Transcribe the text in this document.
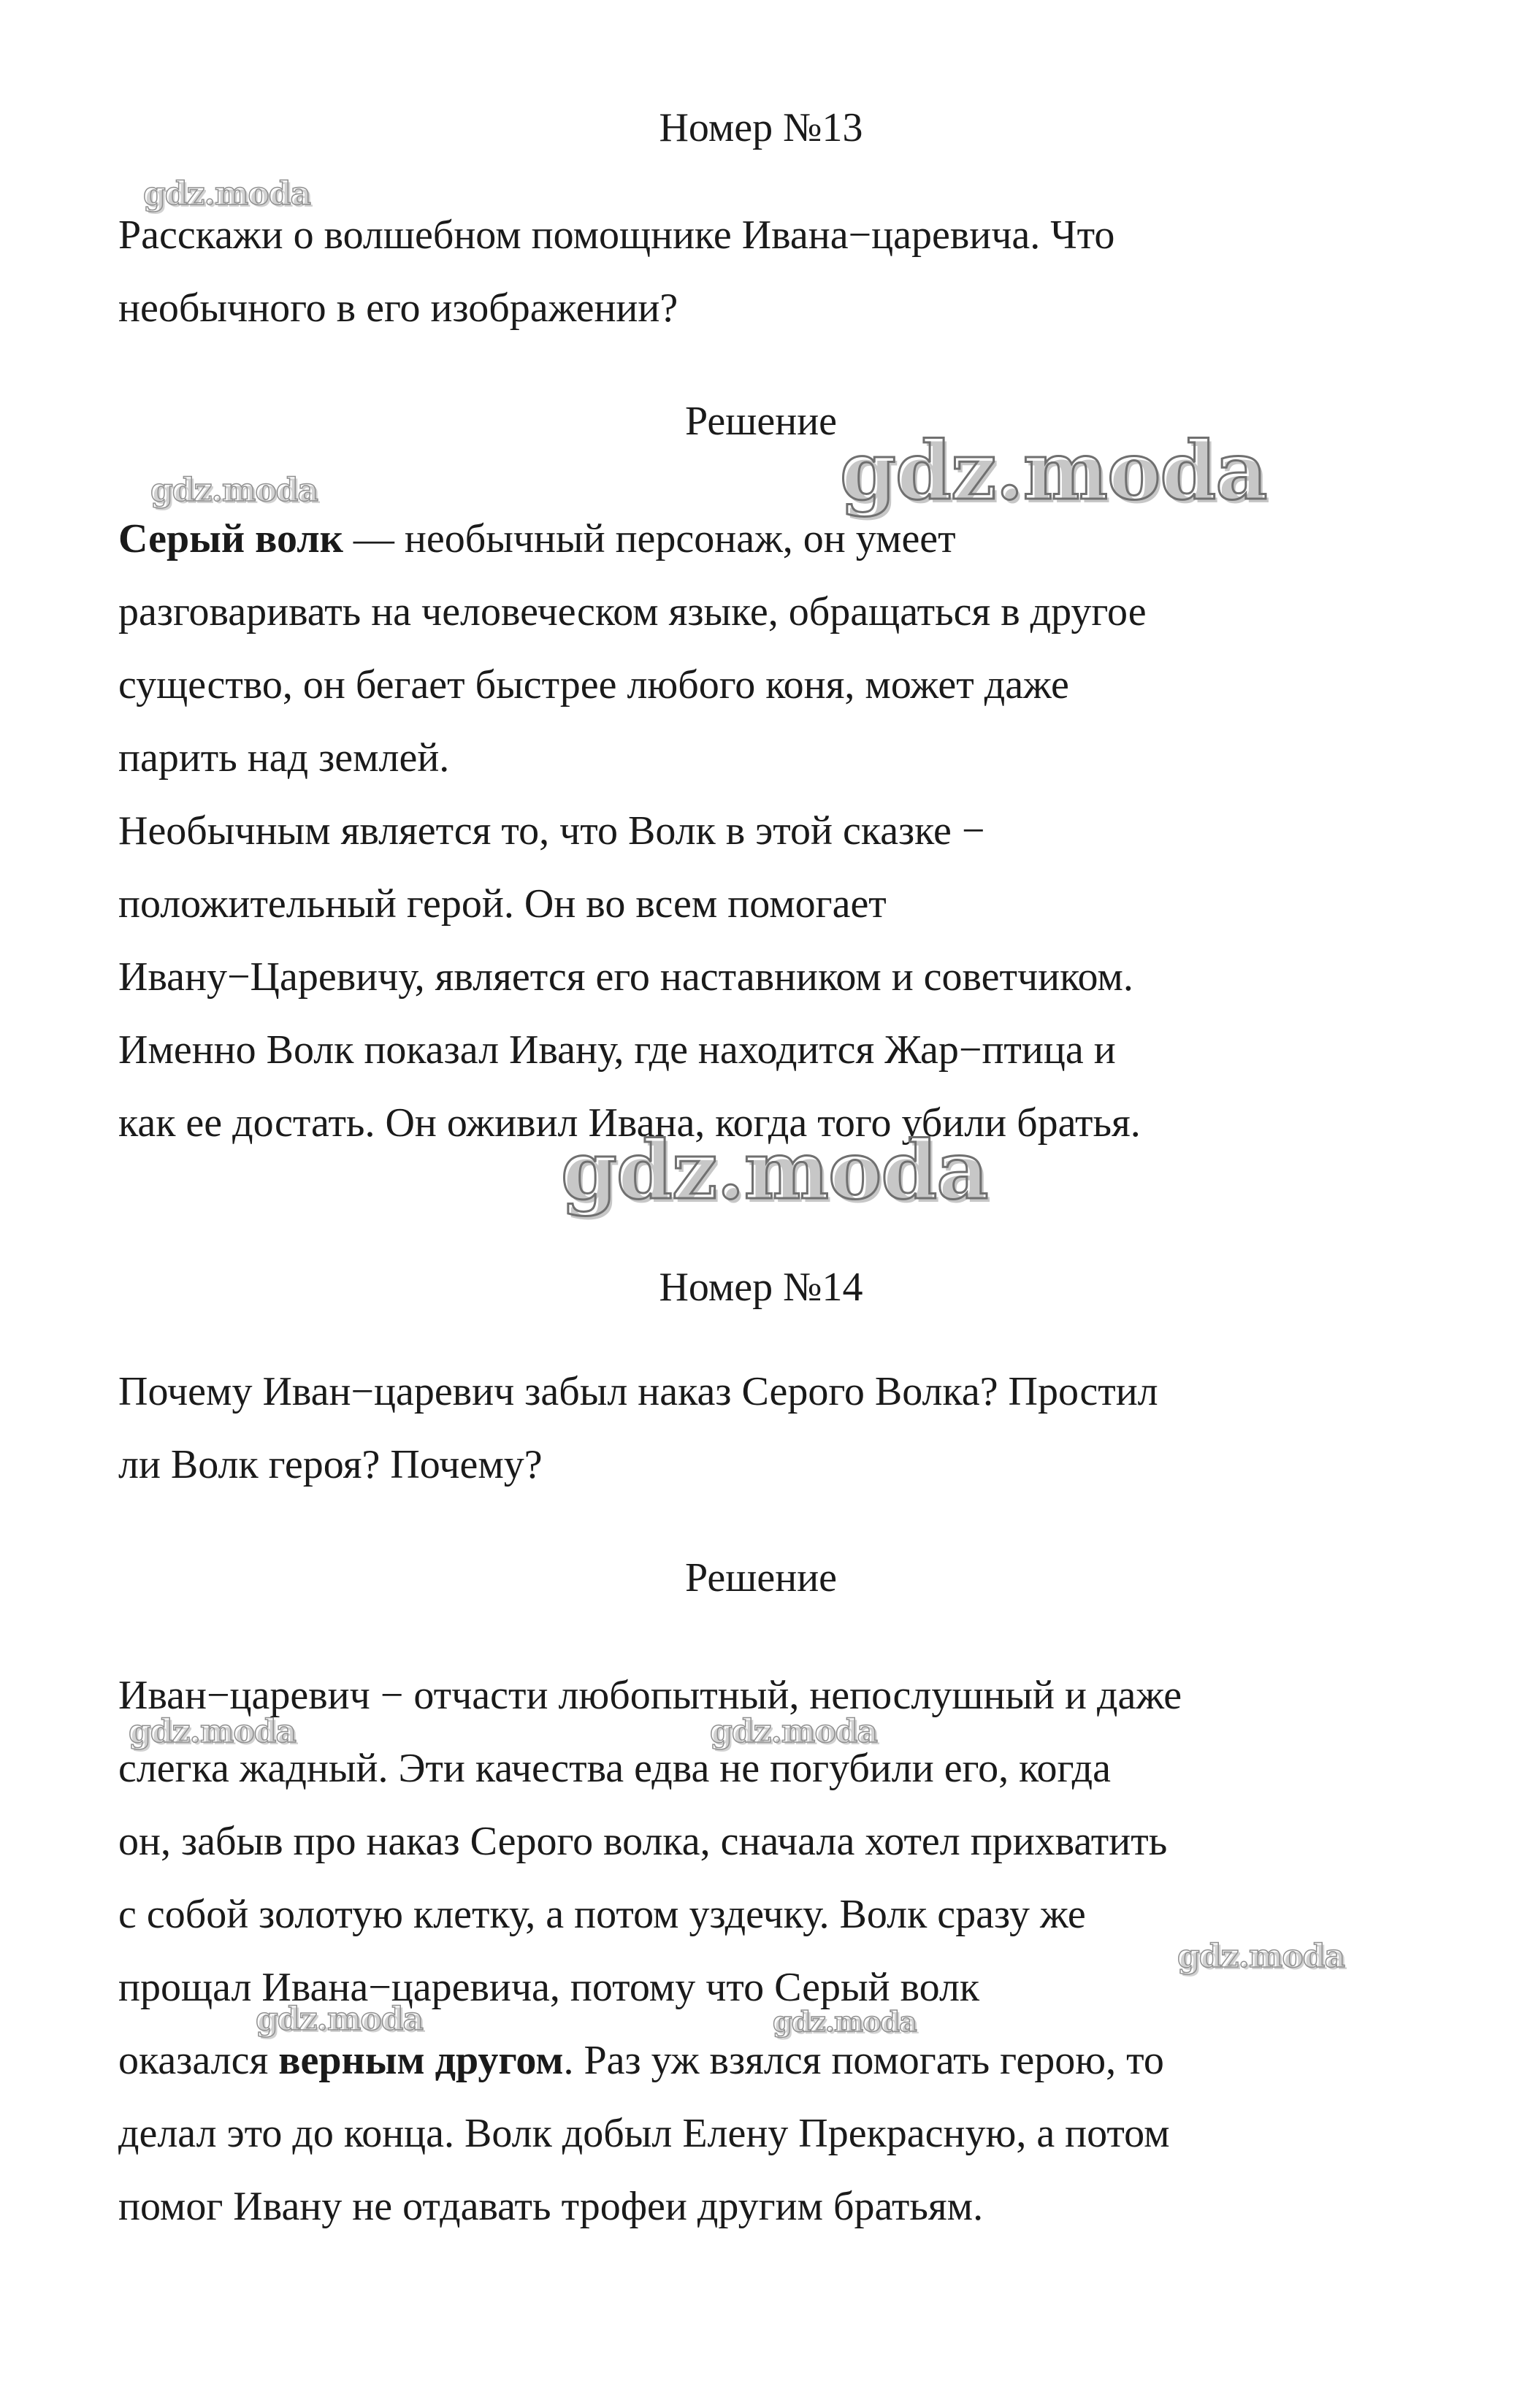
Номер №13
Расскажи о волшебном помощнике Ивана−царевича. Что
необычного в его изображении?
Решение
Серый волк — необычный персонаж, он умеет
разговаривать на человеческом языке, обращаться в другое
существо, он бегает быстрее любого коня, может даже
парить над землей.
Необычным является то, что Волк в этой сказке −
положительный герой. Он во всем помогает
Ивану−Царевичу, является его наставником и советчиком.
Именно Волк показал Ивану, где находится Жар−птица и
как ее достать. Он оживил Ивана, когда того убили братья.
Номер №14
Почему Иван−царевич забыл наказ Серого Волка? Простил
ли Волк героя? Почему?
Решение
Иван−царевич − отчасти любопытный, непослушный и даже
слегка жадный. Эти качества едва не погубили его, когда
он, забыв про наказ Серого волка, сначала хотел прихватить
с собой золотую клетку, а потом уздечку. Волк сразу же
прощал Ивана−царевича, потому что Серый волк
оказался верным другом. Раз уж взялся помогать герою, то
делал это до конца. Волк добыл Елену Прекрасную, а потом
помог Ивану не отдавать трофеи другим братьям.
gdz.moda
gdz.moda	gdz.moda
gdz.moda
gdz.moda	gdz.moda
gdz.moda
gdz.moda	gdz.moda
